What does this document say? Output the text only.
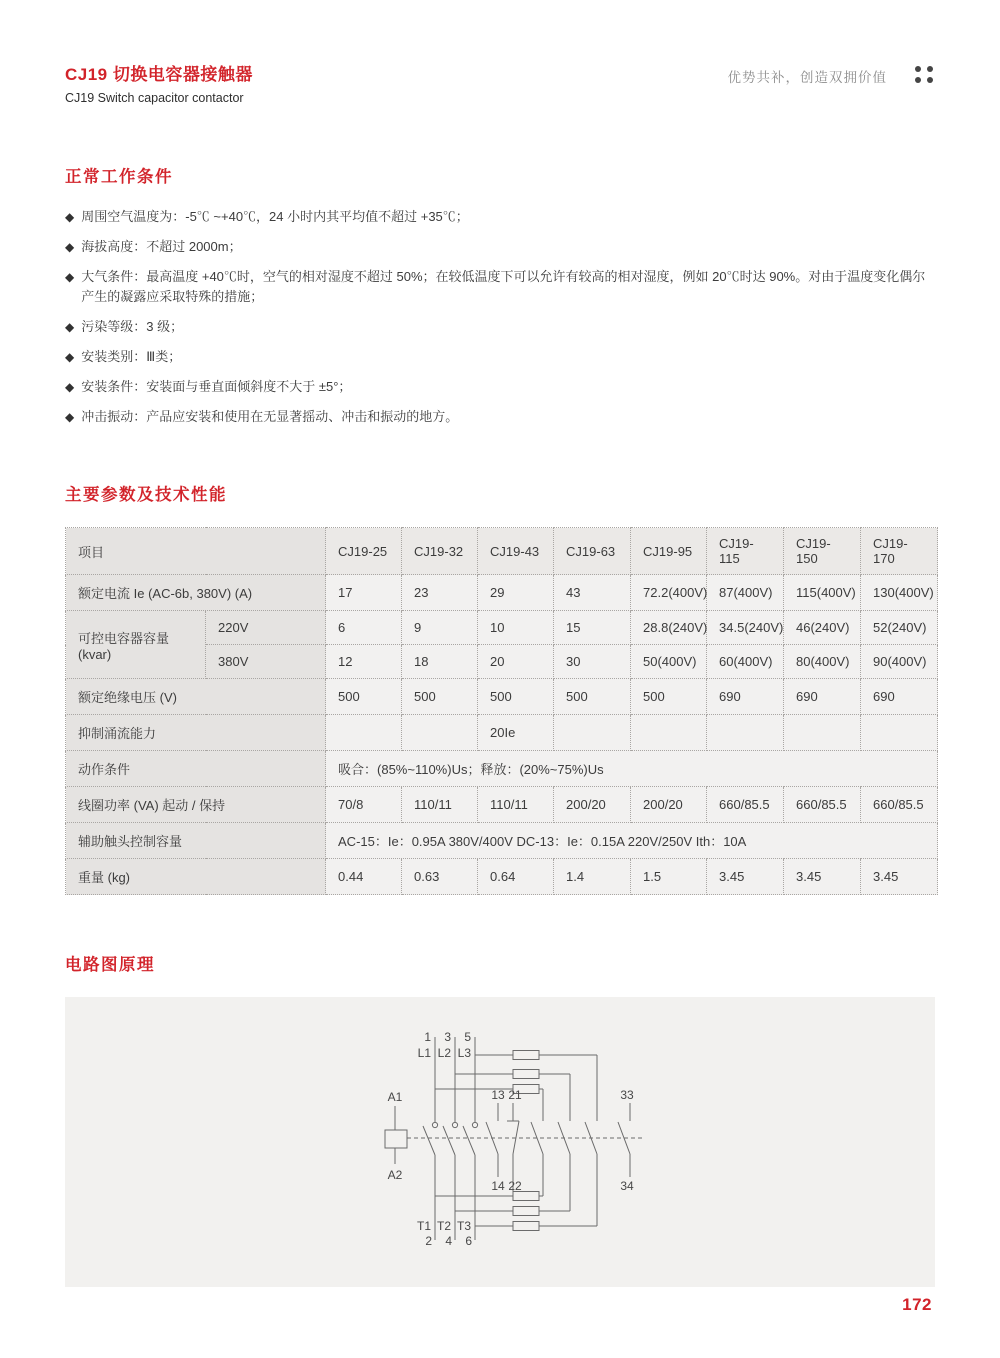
CJ19 切换电容器接触器
CJ19 Switch capacitor contactor
优势共补，创造双拥价值
正常工作条件
◆ 周围空气温度为：-5℃ ~+40℃，24 小时内其平均值不超过 +35℃；
◆ 海拔高度：不超过 2000m；
◆ 大气条件：最高温度 +40℃时，空气的相对湿度不超过 50%；在较低温度下可以允许有较高的相对湿度，例如 20℃时达 90%。对由于温度变化偶尔产生的凝露应采取特殊的措施；
◆ 污染等级：3 级；
◆ 安装类别：Ⅲ类；
◆ 安装条件：安装面与垂直面倾斜度不大于 ±5°；
◆ 冲击振动：产品应安装和使用在无显著摇动、冲击和振动的地方。
主要参数及技术性能
项目		CJ19-25	CJ19-32	CJ19-43	CJ19-63	CJ19-95	CJ19-115	CJ19-150	CJ19-170
额定电流 Ie (AC-6b, 380V) (A)		17	23	29	43	72.2(400V)	87(400V)	115(400V)	130(400V)
可控电容器容量 (kvar)	220V	6	9	10	15	28.8(240V)	34.5(240V)	46(240V)	52(240V)
	380V	12	18	20	30	50(400V)	60(400V)	80(400V)	90(400V)
额定绝缘电压 (V)		500	500	500	500	500	690	690	690
抑制涌流能力				20Ie					
动作条件		吸合：(85%~110%)Us；释放：(20%~75%)Us							
线圈功率 (VA) 起动 / 保持		70/8	110/11	110/11	200/20	200/20	660/85.5	660/85.5	660/85.5
辅助触头控制容量		AC-15：Ie：0.95A 380V/400V DC-13：Ie：0.15A 220V/250V Ith：10A							
重量 (kg)		0.44	0.63	0.64	1.4	1.5	3.45	3.45	3.45
电路图原理
1 3 5
L1 L2 L3
A1
A2
13 21	33
14 22	34
T1 T2 T3
2 4 6
172
